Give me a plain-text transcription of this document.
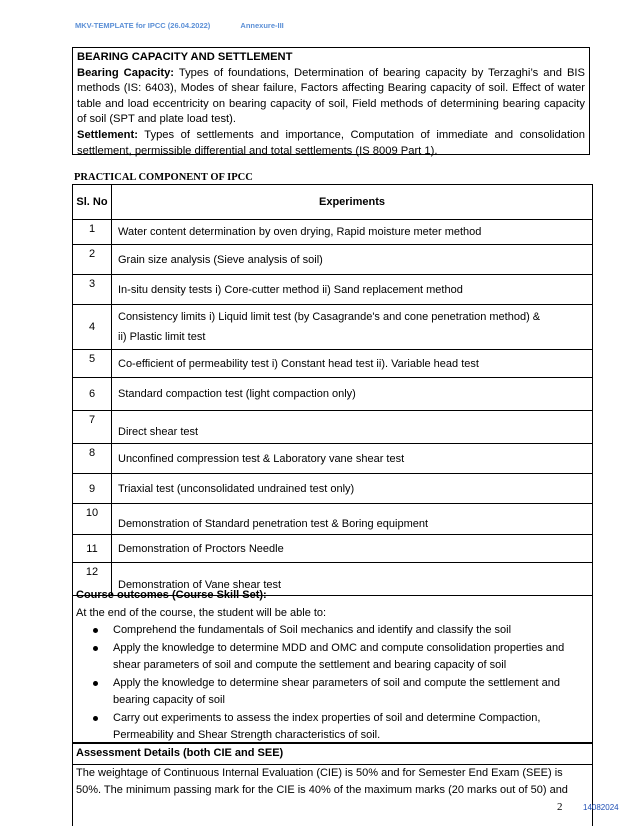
MKV-TEMPLATE for IPCC (26.04.2022)	Annexure-III

BEARING CAPACITY AND SETTLEMENT

Bearing Capacity: Types of foundations, Determination of bearing capacity by Terzaghi’s and BIS methods (IS: 6403), Modes of shear failure, Factors affecting Bearing capacity of soil. Effect of water table and load eccentricity on bearing capacity of soil, Field methods of determining bearing capacity of soil (SPT and plate load test).

Settlement: Types of settlements and importance, Computation of immediate and consolidation settlement, permissible differential and total settlements (IS 8009 Part 1).

PRACTICAL COMPONENT OF IPCC
Sl. No	Experiments
1	Water content determination by oven drying, Rapid moisture meter method
2	Grain size analysis (Sieve analysis of soil)
3	In-situ density tests i) Core-cutter method ii) Sand replacement method
4	Consistency limits i) Liquid limit test (by Casagrande's and cone penetration method) &
ii) Plastic limit test

5	Co-efficient of permeability test i) Constant head test ii). Variable head test
6	Standard compaction test (light compaction only)
7	Direct shear test
8	Unconfined compression test & Laboratory vane shear test
9	Triaxial test (unconsolidated undrained test only)
10	Demonstration of Standard penetration test & Boring equipment
11	Demonstration of Proctors Needle
12	Demonstration of Vane shear test
Course outcomes (Course Skill Set):
At the end of the course, the student will be able to:
Comprehend the fundamentals of Soil mechanics and identify and classify the soil
Apply the knowledge to determine MDD and OMC and compute consolidation properties and shear parameters of soil and compute the settlement and bearing capacity of soil
Apply the knowledge to determine shear parameters of soil and compute the settlement and bearing capacity of soil
Carry out experiments to assess the index properties of soil and determine Compaction, Permeability and Shear Strength characteristics of soil.
Assessment Details (both CIE and SEE)

The weightage of Continuous Internal Evaluation (CIE) is 50% and for Semester End Exam (SEE) is 50%. The minimum passing mark for the CIE is 40% of the maximum marks (20 marks out of 50) and

2	14082024
